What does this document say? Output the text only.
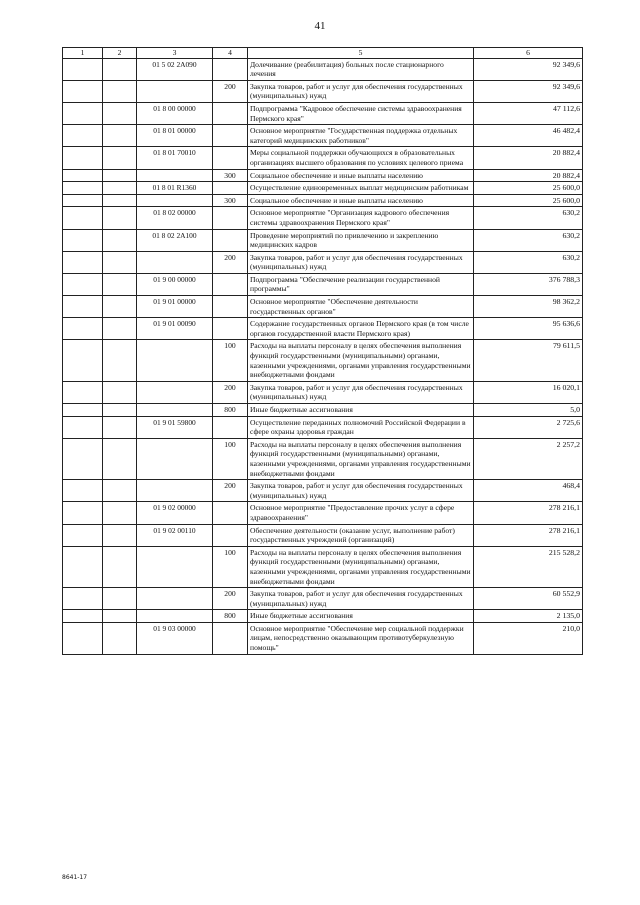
41
1	2	3	4	5	6
		01 5 02 2А090		Долечивание (реабилитация) больных после стационарного лечения	92 349,6
			200	Закупка товаров, работ и услуг для обеспечения государственных (муниципальных) нужд	92 349,6
		01 8 00 00000		Подпрограмма "Кадровое обеспечение системы здравоохранения Пермского края"	47 112,6
		01 8 01 00000		Основное мероприятие "Государственная поддержка отдельных категорий медицинских работников"	46 482,4
		01 8 01 70010		Меры социальной поддержки обучающихся в образовательных организациях высшего образования по условиях целевого приема	20 882,4
			300	Социальное обеспечение и иные выплаты населению	20 882,4
		01 8 01 R1360		Осуществление единовременных выплат медицинским работникам	25 600,0
			300	Социальное обеспечение и иные выплаты населению	25 600,0
		01 8 02 00000		Основное мероприятие "Организация кадрового обеспечения системы здравоохранения Пермского края"	630,2
		01 8 02 2А100		Проведение мероприятий по привлечению и закреплению медицинских кадров	630,2
			200	Закупка товаров, работ и услуг для обеспечения государственных (муниципальных) нужд	630,2
		01 9 00 00000		Подпрограмма "Обеспечение реализации государственной программы"	376 788,3
		01 9 01 00000		Основное мероприятие "Обеспечение деятельности государственных органов"	98 362,2
		01 9 01 00090		Содержание государственных органов Пермского края (в том числе органов государственной власти Пермского края)	95 636,6
			100	Расходы на выплаты персоналу в целях обеспечения выполнения функций государственными (муниципальными) органами, казенными учреждениями, органами управления государственными внебюджетными фондами	79 611,5
			200	Закупка товаров, работ и услуг для обеспечения государственных (муниципальных) нужд	16 020,1
			800	Иные бюджетные ассигнования	5,0
		01 9 01 59800		Осуществление переданных полномочий Российской Федерации в сфере охраны здоровья граждан	2 725,6
			100	Расходы на выплаты персоналу в целях обеспечения выполнения функций государственными (муниципальными) органами, казенными учреждениями, органами управления государственными внебюджетными фондами	2 257,2
			200	Закупка товаров, работ и услуг для обеспечения государственных (муниципальных) нужд	468,4
		01 9 02 00000		Основное мероприятие "Предоставление прочих услуг в сфере здравоохранения"	278 216,1
		01 9 02 00110		Обеспечение деятельности (оказание услуг, выполнение работ) государственных учреждений (организаций)	278 216,1
			100	Расходы на выплаты персоналу в целях обеспечения выполнения функций государственными (муниципальными) органами, казенными учреждениями, органами управления государственными внебюджетными фондами	215 528,2
			200	Закупка товаров, работ и услуг для обеспечения государственных (муниципальных) нужд	60 552,9
			800	Иные бюджетные ассигнования	2 135,0
		01 9 03 00000		Основное мероприятие "Обеспечение мер социальной поддержки лицам, непосредственно оказывающим противотуберкулезную помощь"	210,0
8641-17
